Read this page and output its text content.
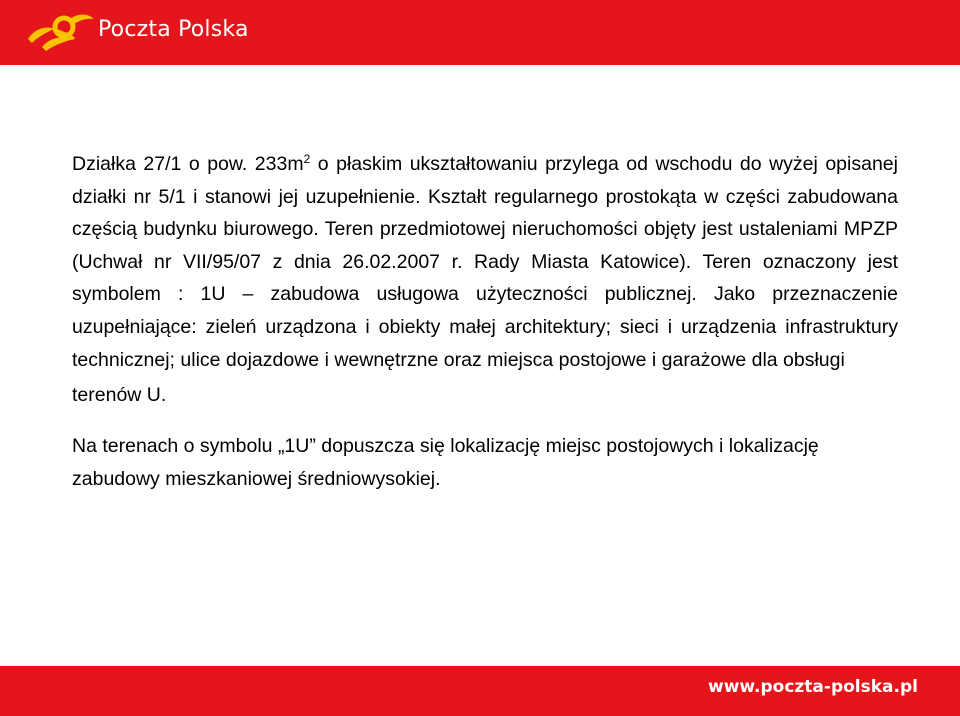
Poczta Polska

Działka 27/1 o pow. $233m^2$ o płaskim ukształtowaniu przylega od wschodu do wyżej opisanej działki nr 5/1 i stanowi jej uzupełnienie. Kształt regularnego prostokąta w części zabudowana częścią budynku biurowego. Teren przedmiotowej nieruchomości objęty jest ustaleniami MPZP (Uchwał nr VII/95/07 z dnia 26.02.2007 r. Rady Miasta Katowice). Teren oznaczony jest symbolem : 1U – zabudowa usługowa użyteczności publicznej. Jako przeznaczenie uzupełniające: zieleń urządzona i obiekty małej architektury; sieci i urządzenia infrastruktury technicznej; ulice dojazdowe i wewnętrzne oraz miejsca postojowe i garażowe dla obsługi
terenów U.

Na terenach o symbolu „1U” dopuszcza się lokalizację miejsc postojowych i lokalizację zabudowy mieszkaniowej średniowysokiej.

www.poczta-polska.pl
